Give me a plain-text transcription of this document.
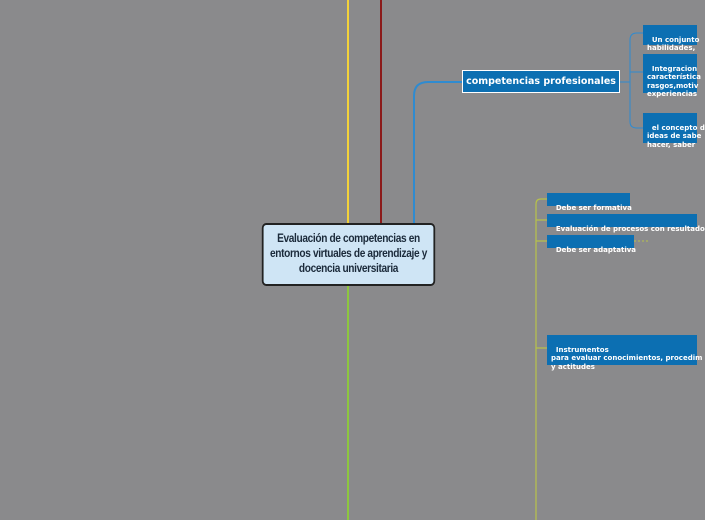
Evaluación de competencias en
entornos virtuales de aprendizaje y
docencia universitaria
competencias profesionales

Un conjunto
habilidades,

Integracion
característica
rasgos,motiv
experiencias

el concepto d
ideas de sabe
hacer, saber

Debe ser formativa

Evaluación de procesos con resultado

Debe ser adaptativa

Instrumentos
para evaluar conocimientos, procedim
y actitudes
